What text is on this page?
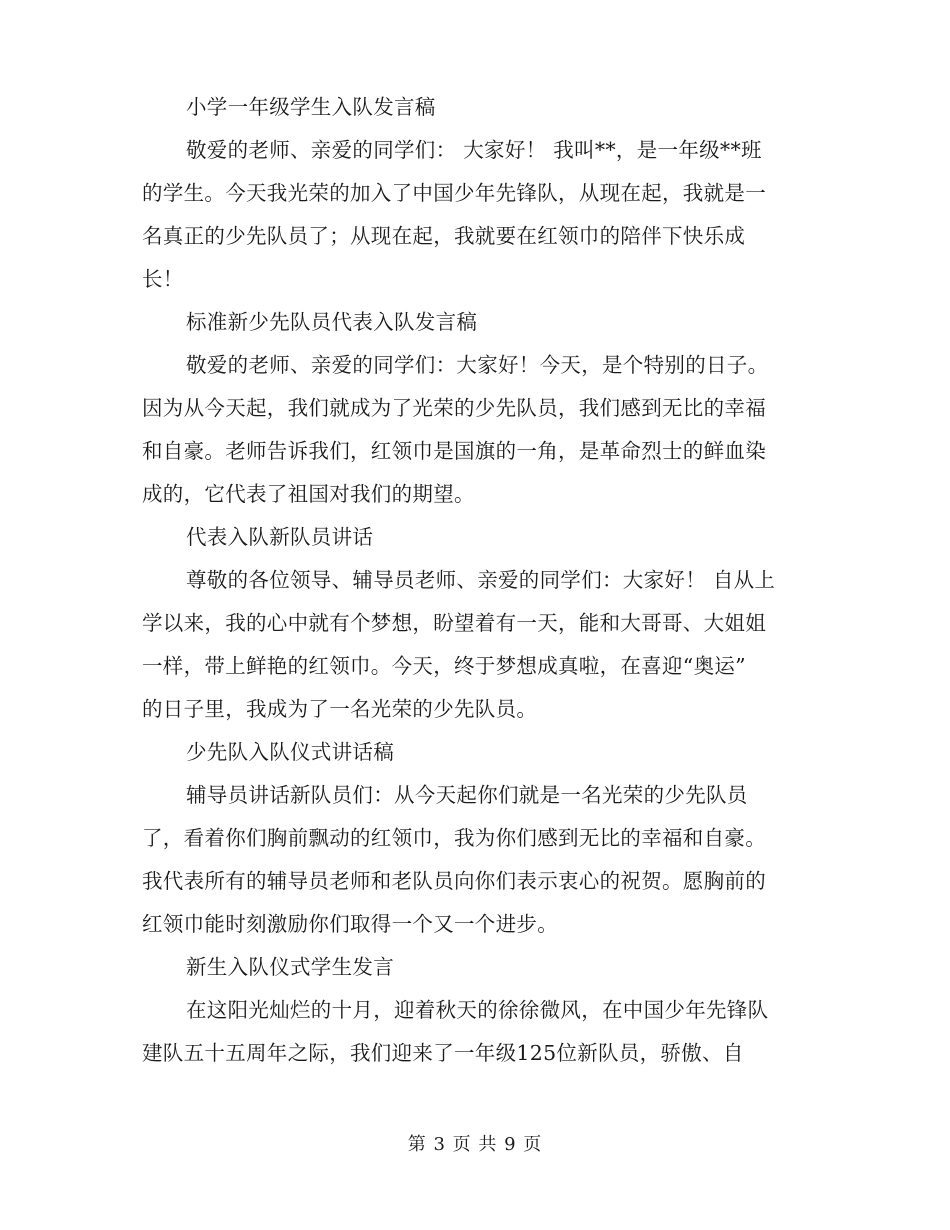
小学一年级学生入队发言稿
敬爱的老师、亲爱的同学们： 大家好！ 我叫**，是一年级**班
的学生。今天我光荣的加入了中国少年先锋队，从现在起，我就是一
名真正的少先队员了；从现在起，我就要在红领巾的陪伴下快乐成
长！
标准新少先队员代表入队发言稿
敬爱的老师、亲爱的同学们：大家好！今天，是个特别的日子。
因为从今天起，我们就成为了光荣的少先队员，我们感到无比的幸福
和自豪。老师告诉我们，红领巾是国旗的一角，是革命烈士的鲜血染
成的，它代表了祖国对我们的期望。
代表入队新队员讲话
尊敬的各位领导、辅导员老师、亲爱的同学们：大家好！ 自从上
学以来，我的心中就有个梦想，盼望着有一天，能和大哥哥、大姐姐
一样，带上鲜艳的红领巾。今天，终于梦想成真啦，在喜迎“奥运”
的日子里，我成为了一名光荣的少先队员。
少先队入队仪式讲话稿
辅导员讲话新队员们：从今天起你们就是一名光荣的少先队员
了，看着你们胸前飘动的红领巾，我为你们感到无比的幸福和自豪。
我代表所有的辅导员老师和老队员向你们表示衷心的祝贺。愿胸前的
红领巾能时刻激励你们取得一个又一个进步。
新生入队仪式学生发言
在这阳光灿烂的十月，迎着秋天的徐徐微风，在中国少年先锋队
建队五十五周年之际，我们迎来了一年级125位新队员，骄傲、自
第 3 页 共 9 页
